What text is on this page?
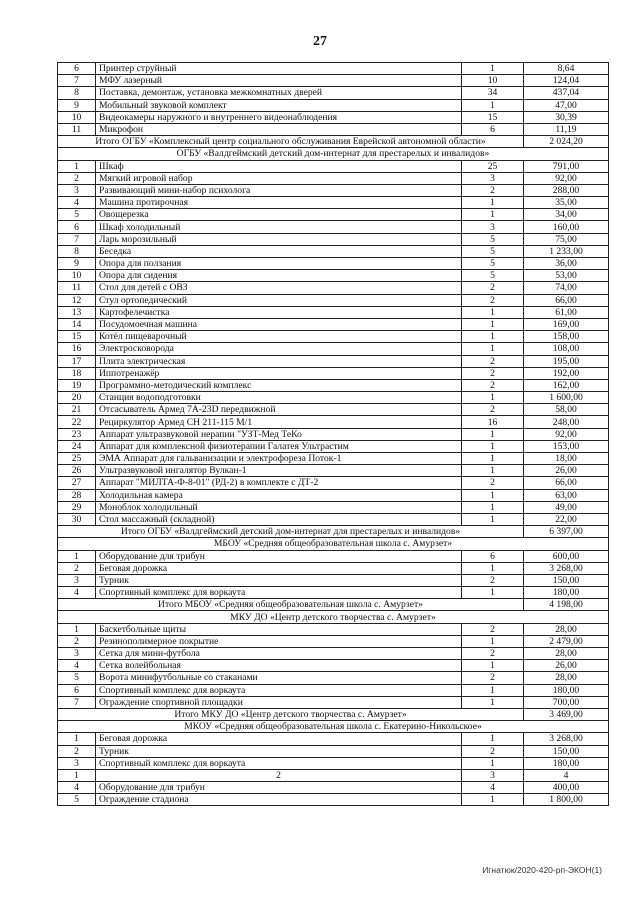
27
6	Принтер струйный	1	8,64
7	МФУ лазерный	10	124,04
8	Поставка, демонтаж, установка межкомнатных дверей	34	437,04
9	Мобильный звуковой комплект	1	47,00
10	Видеокамеры наружного и внутреннего видеонаблюдения	15	30,39
11	Микрофон	6	11,19
Итого ОГБУ «Комплексный центр социального обслуживания Еврейской автономной области»			2 024,20
ОГБУ «Валдгеймский детский дом-интернат для престарелых и инвалидов»			
1	Шкаф	25	791,00
2	Мягкий игровой набор	3	92,00
3	Развивающий мини-набор психолога	2	288,00
4	Машина протирочная	1	35,00
5	Овощерезка	1	34,00
6	Шкаф холодильный	3	160,00
7	Ларь морозильный	5	75,00
8	Беседка	5	1 233,00
9	Опора для ползания	5	36,00
10	Опора для сидения	5	53,00
11	Стол для детей с ОВЗ	2	74,00
12	Стул ортопедический	2	66,00
13	Картофелечистка	1	61,00
14	Посудомоечная машина	1	169,00
15	Котёл пищеварочный	1	158,00
16	Электросковорода	1	108,00
17	Плита электрическая	2	195,00
18	Иппотренажёр	2	192,00
19	Программно-методический комплекс	2	162,00
20	Станция водоподготовки	1	1 600,00
21	Отсасыватель Армед 7А-23D передвижной	2	58,00
22	Рециркулятор Армед СН 211-115 М/1	16	248,00
23	Аппарат ультразвуковой нерапии "УЗТ-Мед ТеКо	1	92,00
24	Аппарат для комплексной физиотерапии Галатея Ультрастим	1	153,00
25	ЭМА Аппарат для гальванизации и электрофореза Поток-1	1	18,00
26	Ультразвуковой ингалятор Вулкан-1	1	26,00
27	Аппарат "МИЛТА-Ф-8-01" (РД-2) в комплекте с ДТ-2	2	66,00
28	Холодильная камера	1	63,00
29	Моноблок холодильный	1	49,00
30	Стол массажный (складной)	1	22,00
Итого ОГБУ «Валдгеймский детский дом-интернат для престарелых и инвалидов»			6 397,00
МБОУ «Средняя общеобразовательная школа с. Амурзет»			
1	Оборудование для трибун	6	600,00
2	Беговая дорожка	1	3 268,00
3	Турник	2	150,00
4	Спортивный комплекс для воркаута	1	180,00
Итого МБОУ «Средняя общеобразовательная школа с. Амурзет»			4 198,00
МКУ ДО «Центр детского творчества с. Амурзет»			
1	Баскетбольные щиты	2	28,00
2	Резинополимерное покрытие	1	2 479,00
3	Сетка для мини-футбола	2	28,00
4	Сетка волейбольная	1	26,00
5	Ворота минифутбольные со стаканами	2	28,00
6	Спортивный комплекс для воркаута	1	180,00
7	Ограждение спортивной площадки	1	700,00
Итого МКУ ДО «Центр детского творчества с. Амурзет»			3 469,00
МКОУ «Средняя общеобразовательная школа с. Екатерино-Никольское»			
1	Беговая дорожка	1	3 268,00
2	Турник	2	150,00
3	Спортивный комплекс для воркаута	1	180,00
1	2	3	4
4	Оборудование для трибун	4	400,00
5	Ограждение стадиона	1	1 800,00
Игнатюк/2020-420-рп-ЭКОН(1)
